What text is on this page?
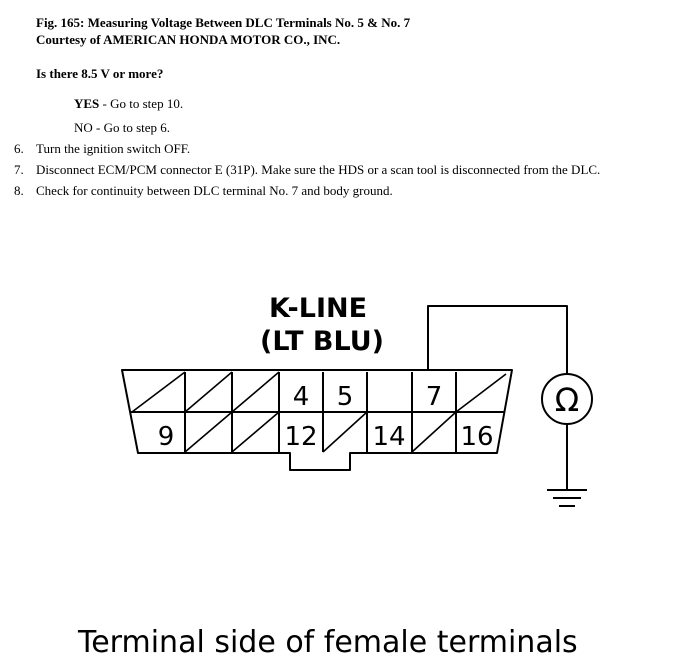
Fig. 165: Measuring Voltage Between DLC Terminals No. 5 & No. 7
Courtesy of AMERICAN HONDA MOTOR CO., INC.
Is there 8.5 V or more?
YES - Go to step 10.
NO - Go to step 6.
6. Turn the ignition switch OFF.
7. Disconnect ECM/PCM connector E (31P). Make sure the HDS or a scan tool is disconnected from the DLC.
8. Check for continuity between DLC terminal No. 7 and body ground.
Ω
K-LINE
(LT BLU)
4 5	7
9	12 14 16
Terminal side of female terminals
